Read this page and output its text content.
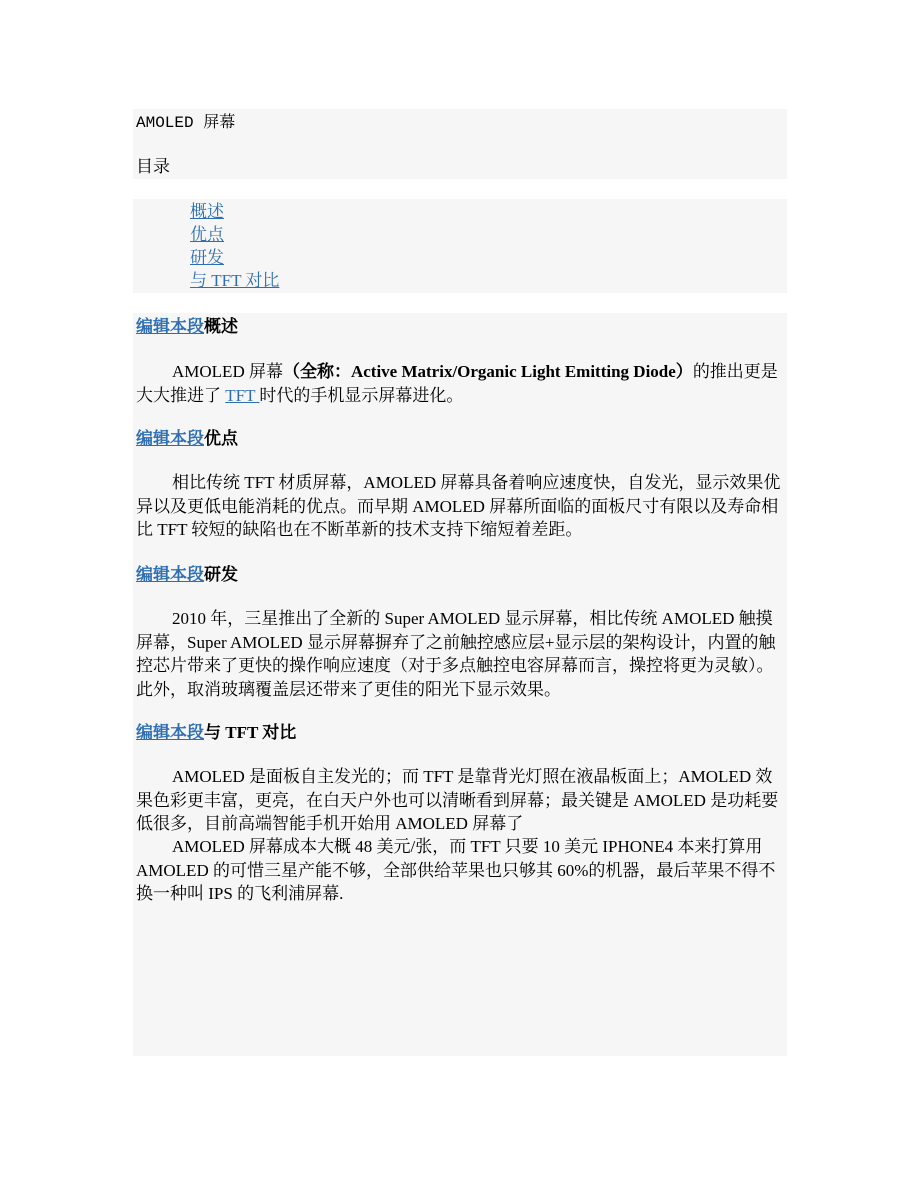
AMOLED 屏幕
目录
概述
优点
研发
与 TFT 对比
编辑本段概述

AMOLED 屏幕（全称：Active Matrix/Organic Light Emitting Diode）的推出更是大大推进了 TFT 时代的手机显示屏幕进化。

编辑本段优点

相比传统 TFT 材质屏幕，AMOLED 屏幕具备着响应速度快，自发光，显示效果优异以及更低电能消耗的优点。而早期 AMOLED 屏幕所面临的面板尺寸有限以及寿命相比 TFT 较短的缺陷也在不断革新的技术支持下缩短着差距。

编辑本段研发

2010 年，三星推出了全新的 Super AMOLED 显示屏幕，相比传统 AMOLED 触摸屏幕，Super AMOLED 显示屏幕摒弃了之前触控感应层+显示层的架构设计，内置的触控芯片带来了更快的操作响应速度（对于多点触控电容屏幕而言，操控将更为灵敏）。此外，取消玻璃覆盖层还带来了更佳的阳光下显示效果。

编辑本段与 TFT 对比

AMOLED 是面板自主发光的；而 TFT 是靠背光灯照在液晶板面上；AMOLED 效果色彩更丰富，更亮，在白天户外也可以清晰看到屏幕；最关键是 AMOLED 是功耗要低很多，目前高端智能手机开始用 AMOLED 屏幕了

AMOLED 屏幕成本大概 48 美元/张，而 TFT 只要 10 美元 IPHONE4 本来打算用 AMOLED 的可惜三星产能不够，全部供给苹果也只够其 60%的机器，最后苹果不得不换一种叫 IPS 的飞利浦屏幕.
